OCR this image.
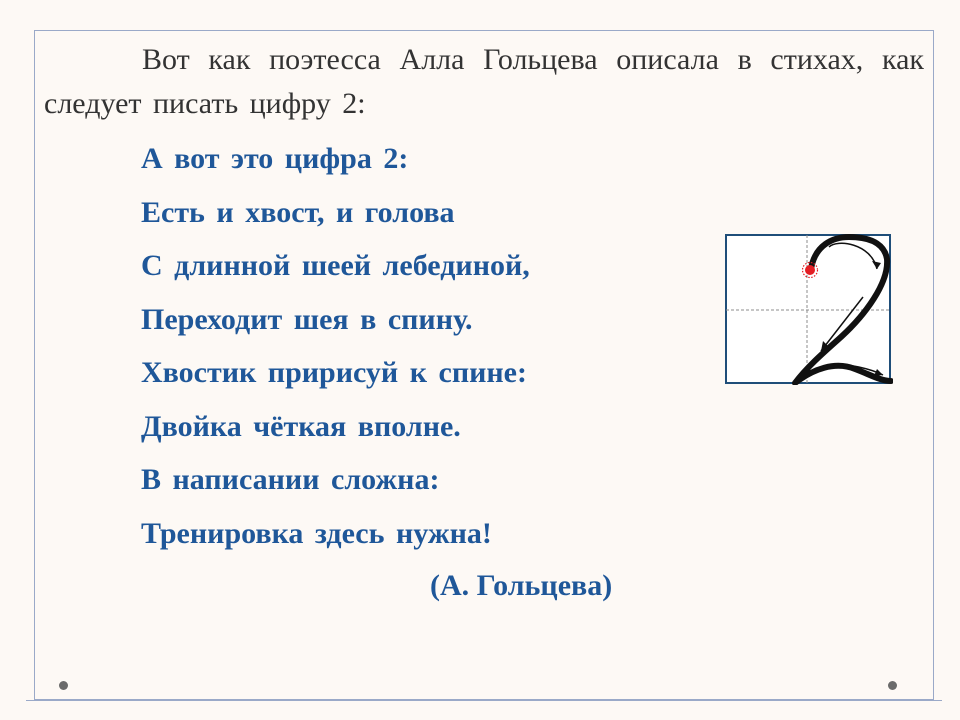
Вот как поэтесса Алла Гольцева описала в стихах, как следует писать цифру 2:

А вот это цифра 2:
Есть и хвост, и голова
С длинной шеей лебединой,
Переходит шея в спину.
Хвостик пририсуй к спине:
Двойка чёткая вполне.
В написании сложна:
Тренировка здесь нужна!
(А. Гольцева)
